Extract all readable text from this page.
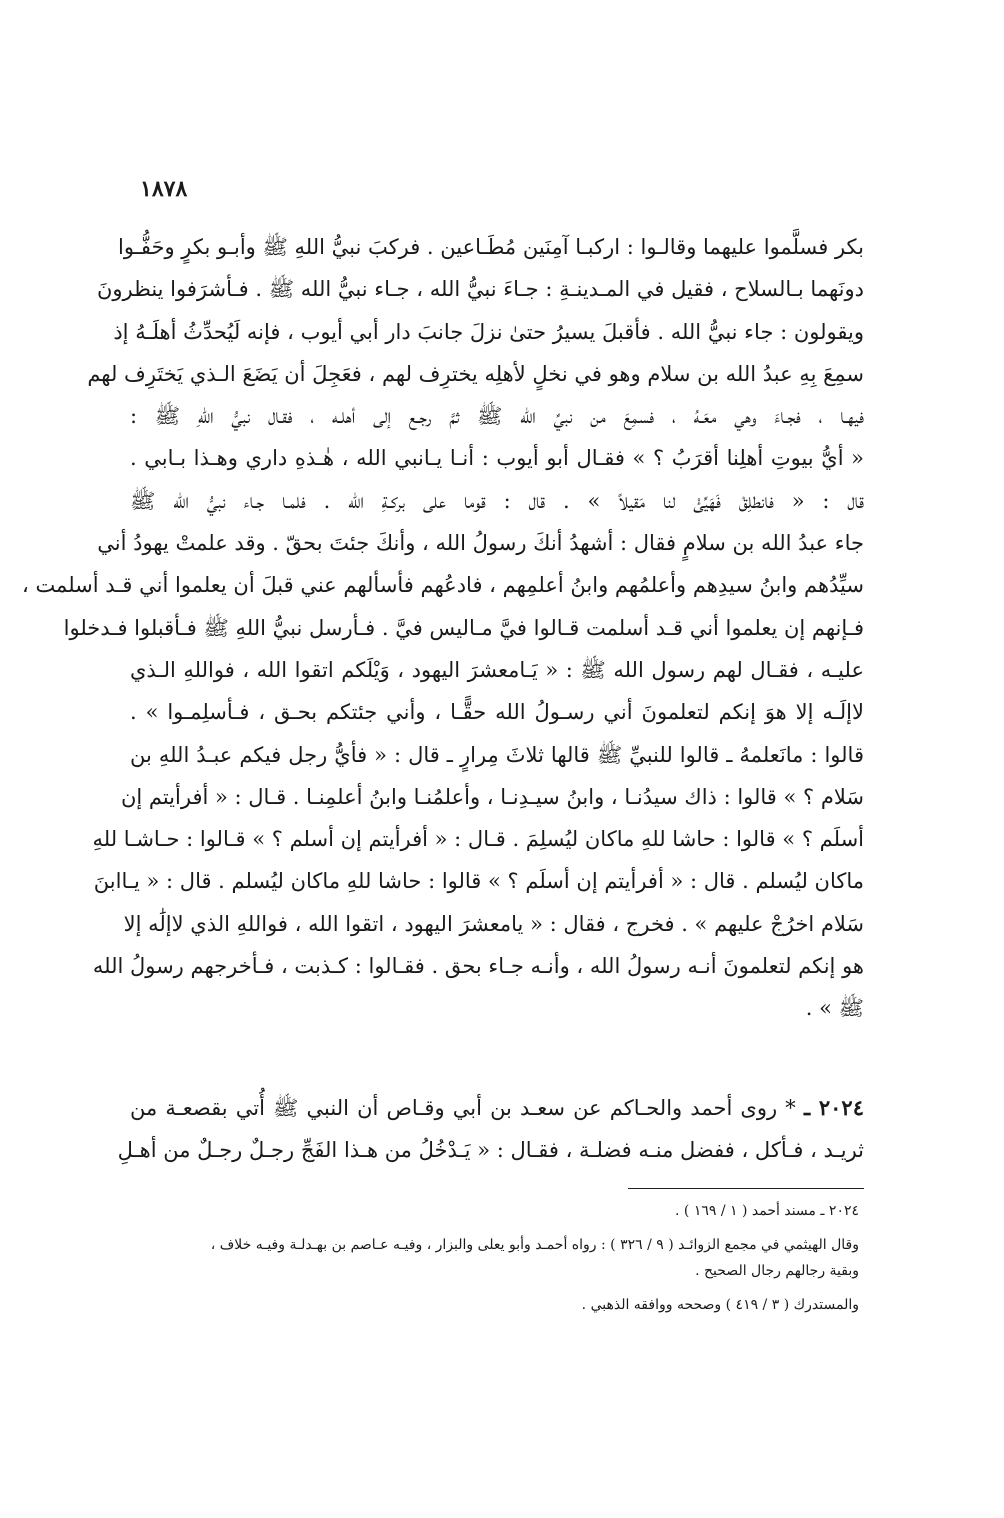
١٨٧٨
بكر فسلَّموا عليهما وقالـوا : اركبـا آمِنَين مُطَـاعين . فركبَ نبيُّ اللهِ ﷺ وأبـو بكرٍ وحَفُّـوا
دونَهما بـالسلاح ، فقيل في المـدينـةِ : جـاءَ نبيُّ الله ، جـاء نبيُّ الله ﷺ . فـأشرَفوا ينظرونَ
ويقولون : جاء نبيُّ الله . فأقبلَ يسيرُ حتىٰ نزلَ جانبَ دار أبي أيوب ، فإنه لَيُحدِّثُ أهلَـهُ إذ
سمِعَ بِهِ عبدُ الله بن سلام وهو في نخلٍ لأهلِه يخترِف لهم ، فعَجِلَ أن يَضَعَ الـذي يَختَرِف لهم
فيهـا ، فجـاءَ وهي معَـهُ ، فسمِعَ من نبيِّ الله ﷺ ثمَّ رجـع إلى أهلـه ، فقـال نبيُّ اللهِ ﷺ :
« أيُّ بيوتِ أهلِنا أقرَبُ ؟ » فقـال أبو أيوب : أنـا يـانبي الله ، هٰـذهِ داري وهـذا بـابي .
قال : « فانطلِقْ فَهَيِّئْ لنا مَقيلاً » . قال : قوما على بركـةِ الله . فلمـا جـاء نبيُّ الله ﷺ
جاء عبدُ الله بن سلامٍ فقال : أشهدُ أنكَ رسولُ الله ، وأنكَ جئتَ بحقّ . وقد علمتْ يهودُ أني
سيِّدُهم وابنُ سيدِهم وأعلمُهم وابنُ أعلمِهم ، فادعُهم فأسألهم عني قبلَ أن يعلموا أني قـد أسلمت ،
فـإنهم إن يعلموا أني قـد أسلمت قـالوا فيَّ مـاليس فيَّ . فـأرسل نبيُّ اللهِ ﷺ فـأقبلوا فـدخلوا
عليـه ، فقـال لهم رسول الله ﷺ : « يَـامعشرَ اليهود ، وَيْلَكم اتقوا الله ، فواللهِ الـذي
لاإلَـه إلا هوَ إنكم لتعلمونَ أني رسـولُ الله حقًّـا ، وأني جئتكم بحـق ، فـأسلِمـوا » .
قالوا : مانَعلمهُ ـ قالوا للنبيِّ ﷺ قالها ثلاثَ مِرارٍ ـ قال : « فأيُّ رجل فيكم عبـدُ اللهِ بن
سَلام ؟ » قالوا : ذاك سيدُنـا ، وابنُ سيـدِنـا ، وأعلمُنـا وابنُ أعلمِنـا . قـال : « أفرأيتم إن
أسلَم ؟ » قالوا : حاشا للهِ ماكان ليُسلِمَ . قـال : « أفرأيتم إن أسلم ؟ » قـالوا : حـاشـا للهِ
ماكان ليُسلم . قال : « أفرأيتم إن أسلَم ؟ » قالوا : حاشا للهِ ماكان ليُسلم . قال : « يـاابنَ
سَلام اخرُجْ عليهم » . فخرج ، فقال : « يامعشرَ اليهود ، اتقوا الله ، فواللهِ الذي لاإلَٰه إلا
هو إنكم لتعلمونَ أنـه رسولُ الله ، وأنـه جـاء بحق . فقـالوا : كـذبت ، فـأخرجهم رسولُ الله
ﷺ » .
٢٠٢٤ ـ * روى أحمد والحـاكم عن سعـد بن أبي وقـاص أن النبي ﷺ أُتي بقصعـة من
ثريـد ، فـأكل ، ففضل منـه فضلـة ، فقـال : « يَـدْخُلُ من هـذا الفَجِّ رجـلٌ رجـلٌ من أهـلِ
٢٠٢٤ ـ مسند أحمد ( ١ / ١٦٩ ) .
وقال الهيثمي في مجمع الزوائـد ( ٩ / ٣٢٦ ) : رواه أحمـد وأبو يعلى والبزار ، وفيـه عـاصم بن بهـدلـة وفيـه خلاف ،
وبقية رجالهم رجال الصحيح .
والمستدرك ( ٣ / ٤١٩ ) وصححه ووافقه الذهبي .
